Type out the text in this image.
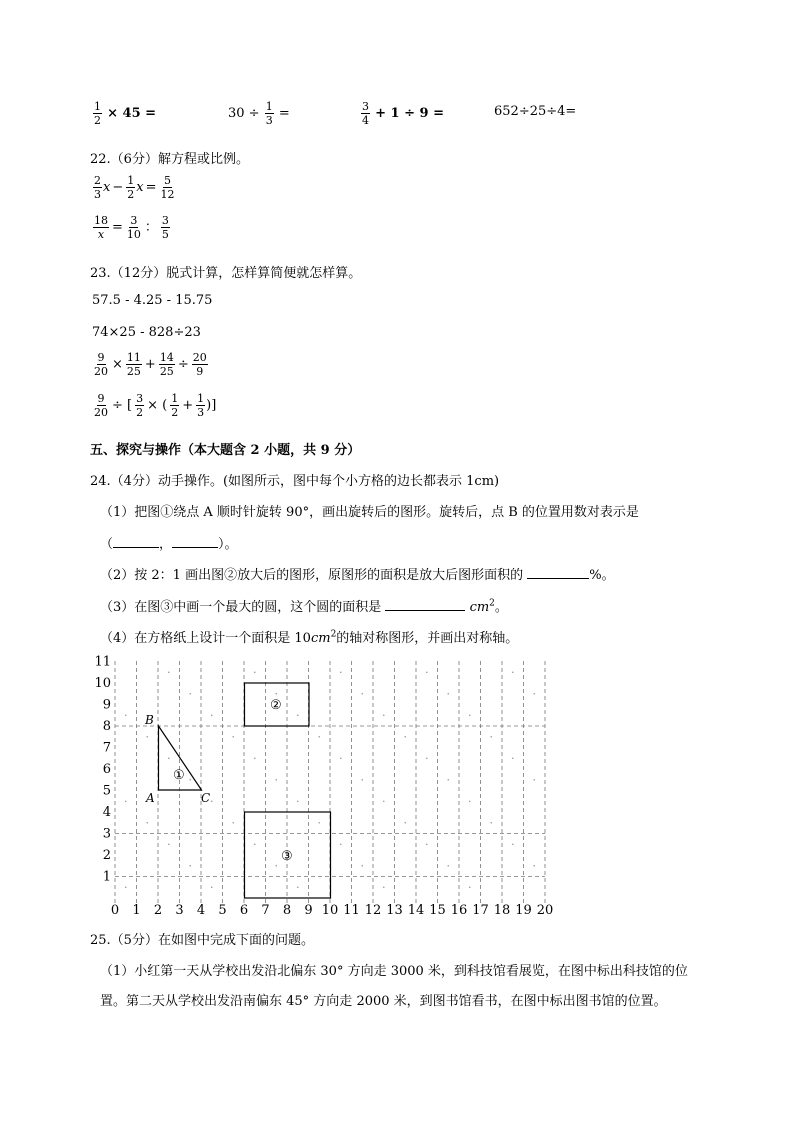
$\frac{1}{2} \times 45$ =	$30 \div \frac{1}{3}$ =	$\frac{3}{4} + 1 \div 9$ =	652÷25÷4=
22.（6分）解方程或比例。
$\frac{2}{3}$ $x - \frac{1}{2}$ $x = \frac{5}{12}$
$\frac{18}{x} = \frac{3}{10}$ ： $\frac{3}{5}$
23.（12分）脱式计算，怎样算简便就怎样算。
57.5 - 4.25 - 15.75
74×25 - 828÷23
$\frac{9}{20} \times \frac{11}{25} + \frac{14}{25} \div \frac{20}{9}$
$\frac{9}{20}$ ÷ [ $\frac{3}{2}$ × ( $\frac{1}{2} + \frac{1}{3}$ )]
五、探究与操作（本大题含 2 小题，共 9 分）
24.（4分）动手操作。(如图所示，图中每个小方格的边长都表示 1cm)
（1）把图①绕点 A 顺时针旋转 90°，画出旋转后的图形。旋转后，点 B 的位置用数对表示是
（	，	）。
（2）按 2：1 画出图②放大后的图形，原图形的面积是放大后图形面积的	%。
（3）在图③中画一个最大的圆，这个圆的面积是	$cm^2$。
（4）在方格纸上设计一个面积是 $10cm^2$的轴对称图形，并画出对称轴。
①
②
③
B
A	C
0 1 2 3 4 5 6 7 8 9 10 11 12 13 14 15 16 17 18 19 20
1
2
3
4
5
6
7
8
9
10
11
25.（5分）在如图中完成下面的问题。
（1）小红第一天从学校出发沿北偏东 30° 方向走 3000 米，到科技馆看展览，在图中标出科技馆的位
置。第二天从学校出发沿南偏东 45° 方向走 2000 米，到图书馆看书，在图中标出图书馆的位置。
